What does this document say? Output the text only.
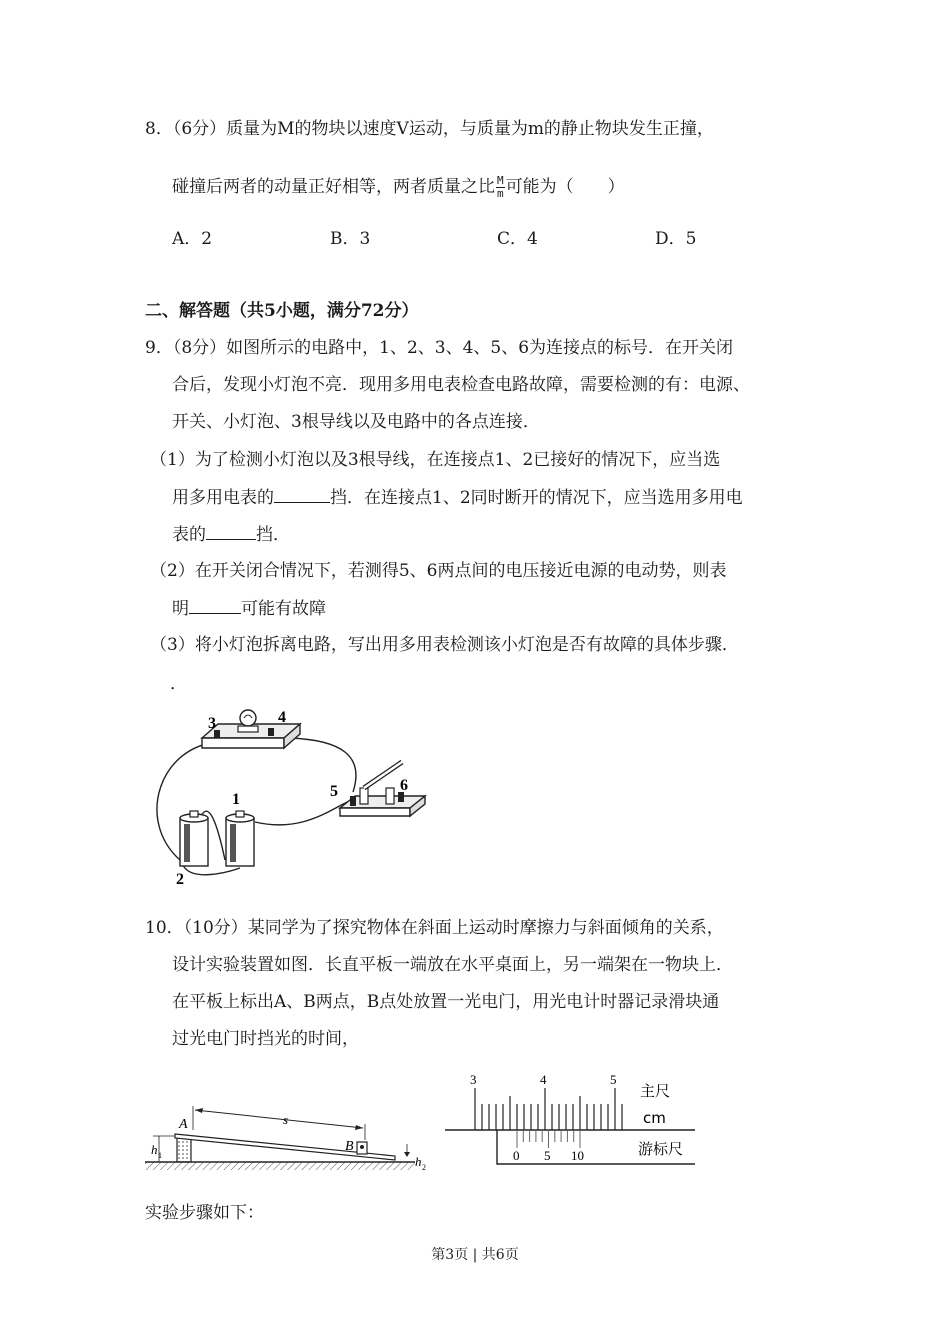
8．（6分）质量为M的物块以速度V运动，与质量为m的静止物块发生正撞，
碰撞后两者的动量正好相等，两者质量之比 $\frac{M}{m}$ 可能为（　　）
A．2	B．3	C．4	D．5
二、解答题（共5小题，满分72分）
9．（8分）如图所示的电路中，1、2、3、4、5、6为连接点的标号．在开关闭
合后，发现小灯泡不亮．现用多用电表检查电路故障，需要检测的有：电源、
开关、小灯泡、3根导线以及电路中的各点连接．
（1）为了检测小灯泡以及3根导线，在连接点1、2已接好的情况下，应当选
用多用电表的	挡．在连接点1、2同时断开的情况下，应当选用多用电
表的	挡．
（2）在开关闭合情况下，若测得5、6两点间的电压接近电源的电动势，则表
明	可能有故障
（3）将小灯泡拆离电路，写出用多用表检测该小灯泡是否有故障的具体步骤．
．
1
2
3	4
5	6
10．（10分）某同学为了探究物体在斜面上运动时摩擦力与斜面倾角的关系，
设计实验装置如图．长直平板一端放在水平桌面上，另一端架在一物块上．
在平板上标出A、B两点，B点处放置一光电门，用光电计时器记录滑块通
过光电门时挡光的时间，
A
B
s
h 1	h 2
3	4	5
0 5 10
主尺
cm
游标尺
实验步骤如下：
第3页 | 共6页
